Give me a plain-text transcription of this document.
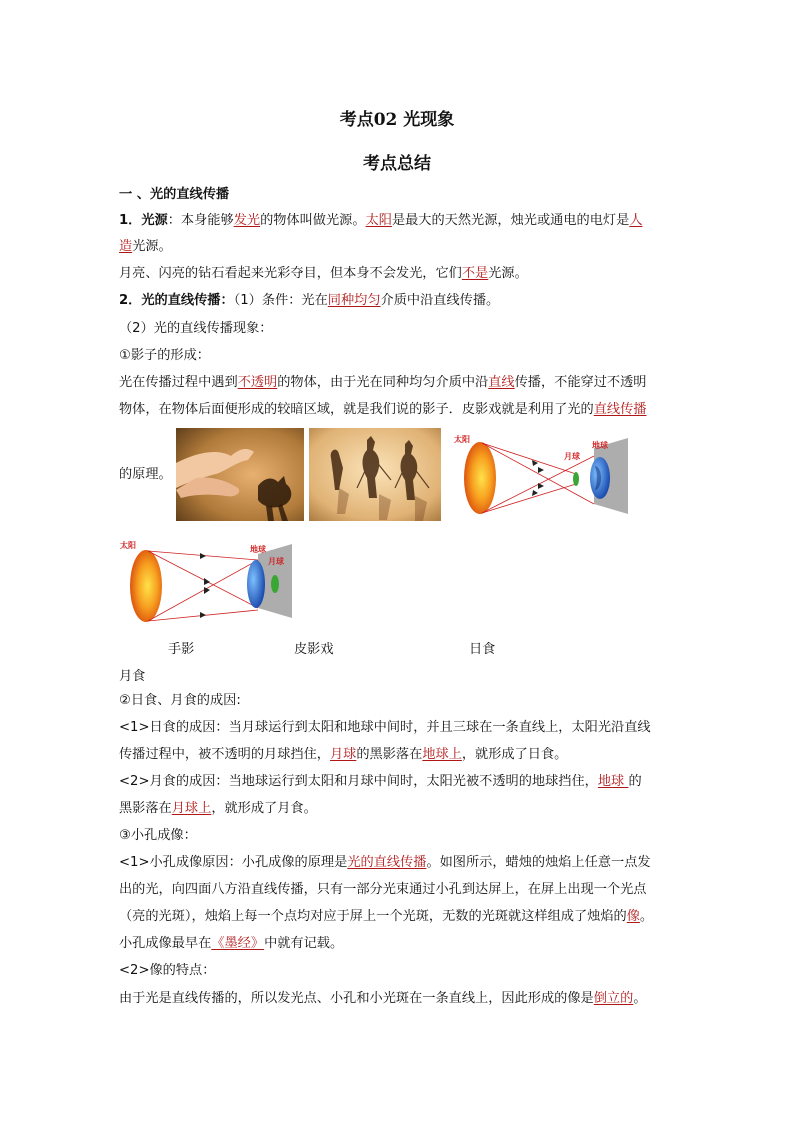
考点02 光现象
考点总结
一 、光的直线传播
1．光源：本身能够发光的物体叫做光源。太阳是最大的天然光源，烛光或通电的电灯是人
造光源。
月亮、闪亮的钻石看起来光彩夺目，但本身不会发光，它们不是光源。
2．光的直线传播：（1）条件：光在同种均匀介质中沿直线传播。
（2）光的直线传播现象：
①影子的形成：
光在传播过程中遇到不透明的物体，由于光在同种均匀介质中沿直线传播，不能穿过不透明
物体，在物体后面便形成的较暗区域，就是我们说的影子．皮影戏就是利用了光的直线传播
的原理。
太阳
月球
地球
太阳	地球
月球
手影	皮影戏	日食
月食
②日食、月食的成因:
<1>日食的成因：当月球运行到太阳和地球中间时，并且三球在一条直线上，太阳光沿直线
传播过程中，被不透明的月球挡住，月球的黑影落在地球上，就形成了日食。
<2>月食的成因：当地球运行到太阳和月球中间时，太阳光被不透明的地球挡住，地球 的
黑影落在月球上，就形成了月食。
③小孔成像：
<1>小孔成像原因：小孔成像的原理是光的直线传播。如图所示，蜡烛的烛焰上任意一点发
出的光，向四面八方沿直线传播，只有一部分光束通过小孔到达屏上，在屏上出现一个光点
（亮的光斑），烛焰上每一个点均对应于屏上一个光斑，无数的光斑就这样组成了烛焰的像。
小孔成像最早在《墨经》中就有记载。
<2>像的特点：
由于光是直线传播的，所以发光点、小孔和小光斑在一条直线上，因此形成的像是倒立的。
